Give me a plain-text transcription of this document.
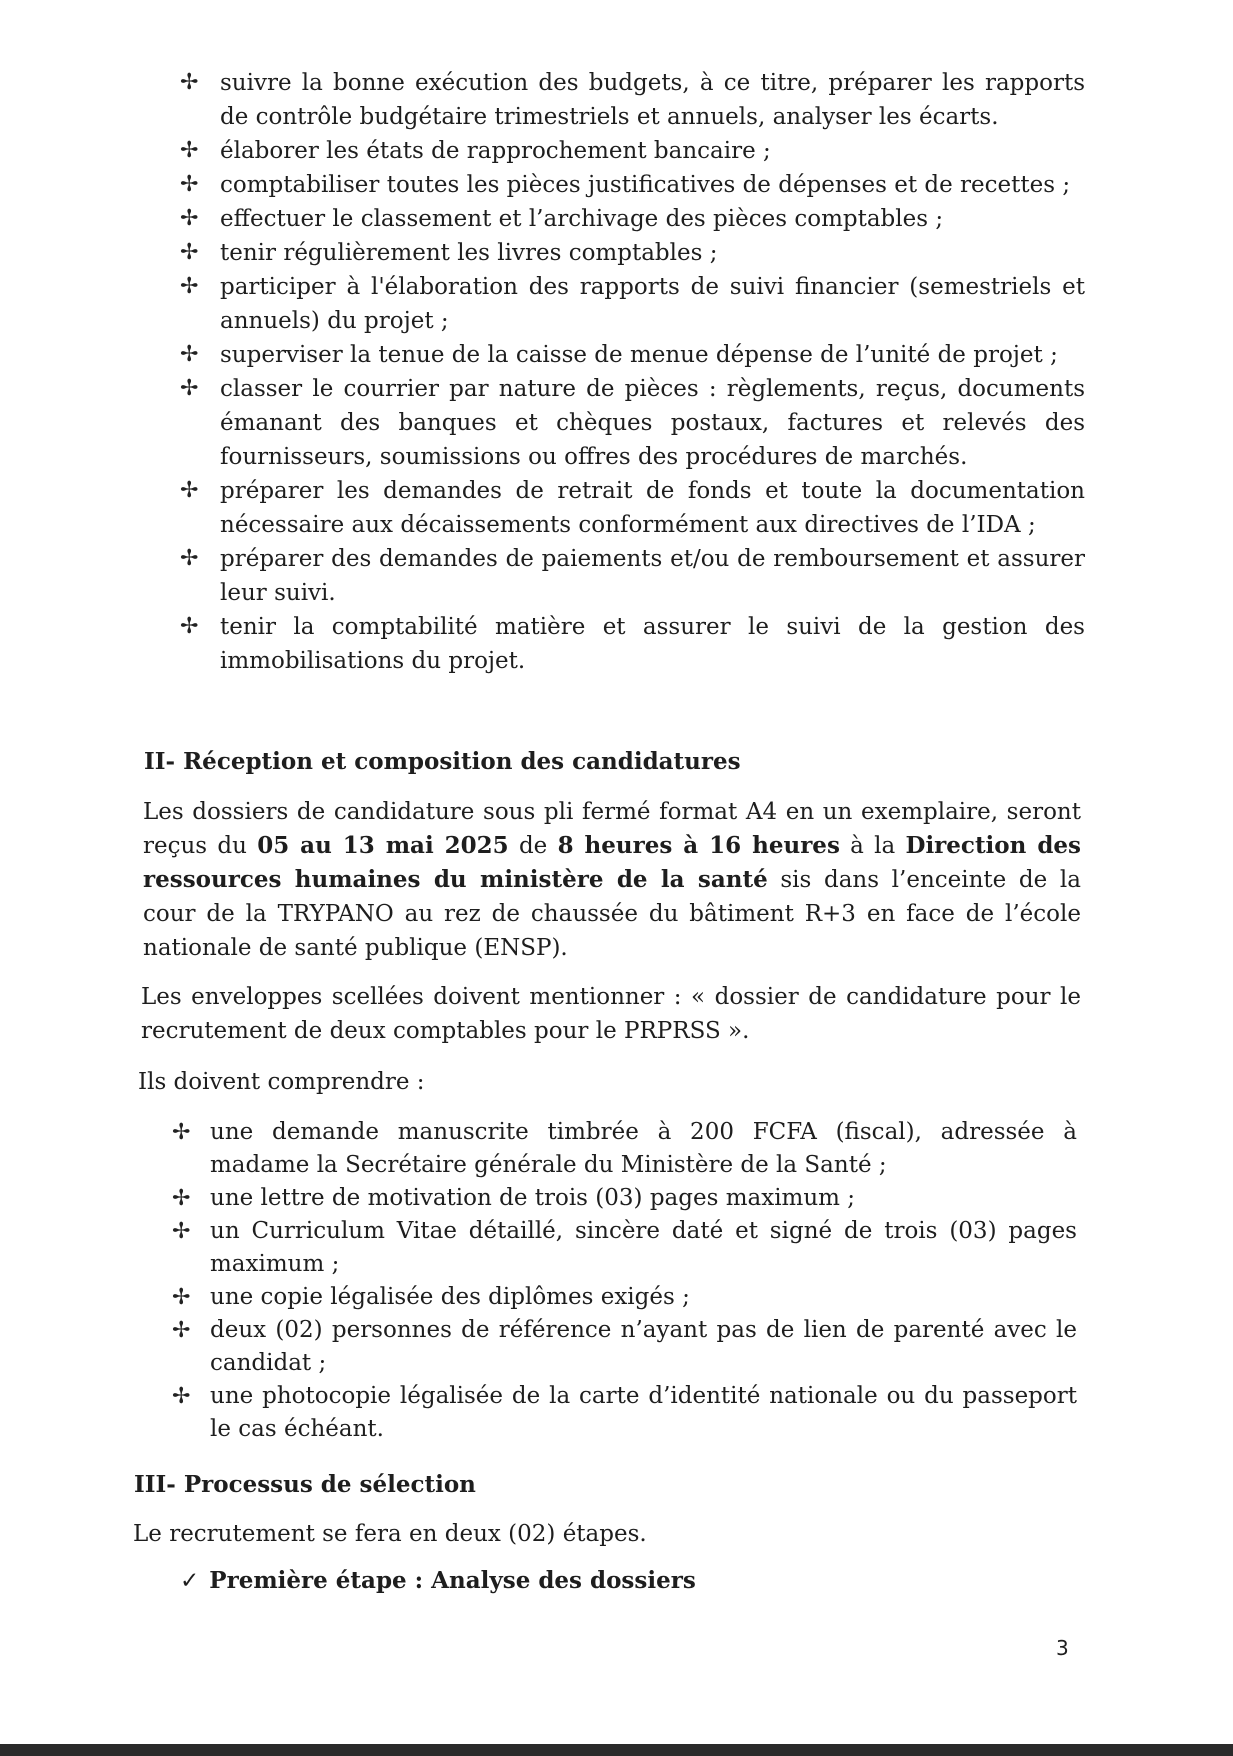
✢ suivre la bonne exécution des budgets, à ce titre, préparer les rapports de contrôle budgétaire trimestriels et annuels, analyser les écarts.
✢ élaborer les états de rapprochement bancaire ;
✢ comptabiliser toutes les pièces justificatives de dépenses et de recettes ;
✢ effectuer le classement et l’archivage des pièces comptables ;
✢ tenir régulièrement les livres comptables ;
✢ participer à l'élaboration des rapports de suivi financier (semestriels et annuels) du projet ;
✢ superviser la tenue de la caisse de menue dépense de l’unité de projet ;
✢ classer le courrier par nature de pièces : règlements, reçus, documents émanant des banques et chèques postaux, factures et relevés des fournisseurs, soumissions ou offres des procédures de marchés.
✢ préparer les demandes de retrait de fonds et toute la documentation nécessaire aux décaissements conformément aux directives de l’IDA ;
✢ préparer des demandes de paiements et/ou de remboursement et assurer leur suivi.
✢ tenir la comptabilité matière et assurer le suivi de la gestion des immobilisations du projet.
II- Réception et composition des candidatures

Les dossiers de candidature sous pli fermé format A4 en un exemplaire, seront reçus du 05 au 13 mai 2025 de 8 heures à 16 heures à la Direction des ressources humaines du ministère de la santé sis dans l’enceinte de la cour de la TRYPANO au rez de chaussée du bâtiment R+3 en face de l’école nationale de santé publique (ENSP).

Les enveloppes scellées doivent mentionner : « dossier de candidature pour le recrutement de deux comptables pour le PRPRSS ».

Ils doivent comprendre :

✢ une demande manuscrite timbrée à 200 FCFA (fiscal), adressée à madame la Secrétaire générale du Ministère de la Santé ;
✢ une lettre de motivation de trois (03) pages maximum ;
✢ un Curriculum Vitae détaillé, sincère daté et signé de trois (03) pages maximum ;
✢ une copie légalisée des diplômes exigés ;
✢ deux (02) personnes de référence n’ayant pas de lien de parenté avec le candidat ;
✢ une photocopie légalisée de la carte d’identité nationale ou du passeport le cas échéant.
III- Processus de sélection

Le recrutement se fera en deux (02) étapes.

✓ Première étape : Analyse des dossiers
3
